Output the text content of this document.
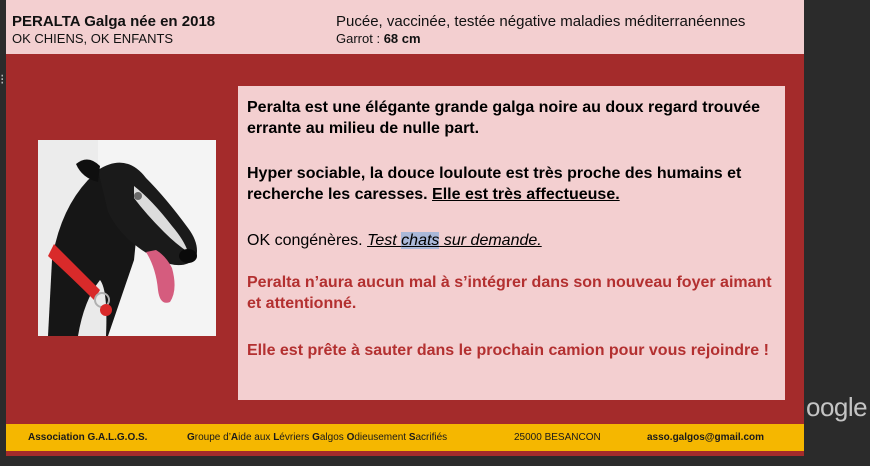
⁝
oogle
PERALTA Galga née en 2018
OK CHIENS, OK ENFANTS
Pucée, vaccinée, testée négative maladies méditerranéennes
Garrot : 68 cm
Peralta est une élégante grande galga noire au doux regard trouvée errante au milieu de nulle part.
Hyper sociable, la douce louloute est très proche des humains et recherche les caresses. Elle est très affectueuse.
OK congénères. Test chats sur demande.
Peralta n’aura aucun mal à s’intégrer dans son nouveau foyer aimant et attentionné.
Elle est prête à sauter dans le prochain camion pour vous rejoindre !
Association G.A.L.G.O.S.	Groupe d’Aide aux Lévriers Galgos Odieusement Sacrifiés	25000 BESANCON	asso.galgos@gmail.com
